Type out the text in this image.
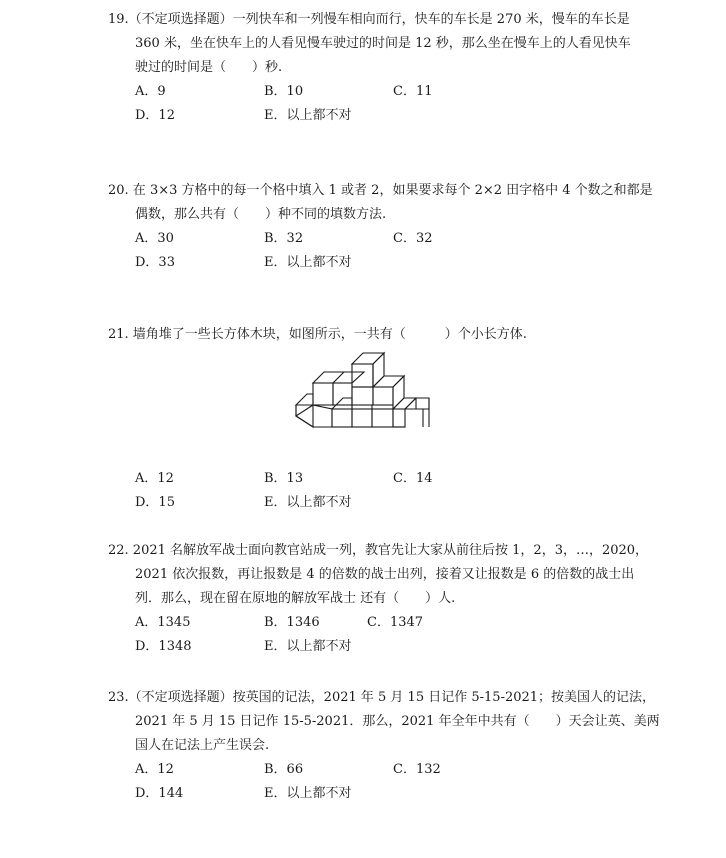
19.（不定项选择题）一列快车和一列慢车相向而行，快车的车长是 270 米，慢车的车长是
360 米，坐在快车上的人看见慢车驶过的时间是 12 秒，那么坐在慢车上的人看见快车
驶过的时间是（　　）秒.
A．9	B．10	C．11
D．12	E．以上都不对
20. 在 3×3 方格中的每一个格中填入 1 或者 2，如果要求每个 2×2 田字格中 4 个数之和都是
偶数，那么共有（　　）种不同的填数方法.
A．30	B．32	C．32
D．33	E．以上都不对
21. 墙角堆了一些长方体木块，如图所示，一共有（　　　）个小长方体.
A．12	B．13	C．14
D．15	E．以上都不对
22. 2021 名解放军战士面向教官站成一列，教官先让大家从前往后按 1，2，3，…，2020，
2021 依次报数，再让报数是 4 的倍数的战士出列，接着又让报数是 6 的倍数的战士出
列．那么，现在留在原地的解放军战士 还有（　　）人.
A．1345	B．1346	C．1347
D．1348	E．以上都不对
23.（不定项选择题）按英国的记法，2021 年 5 月 15 日记作 5-15-2021；按美国人的记法，
2021 年 5 月 15 日记作 15-5-2021．那么，2021 年全年中共有（　　）天会让英、美两
国人在记法上产生误会.
A．12	B．66	C．132
D．144	E．以上都不对
